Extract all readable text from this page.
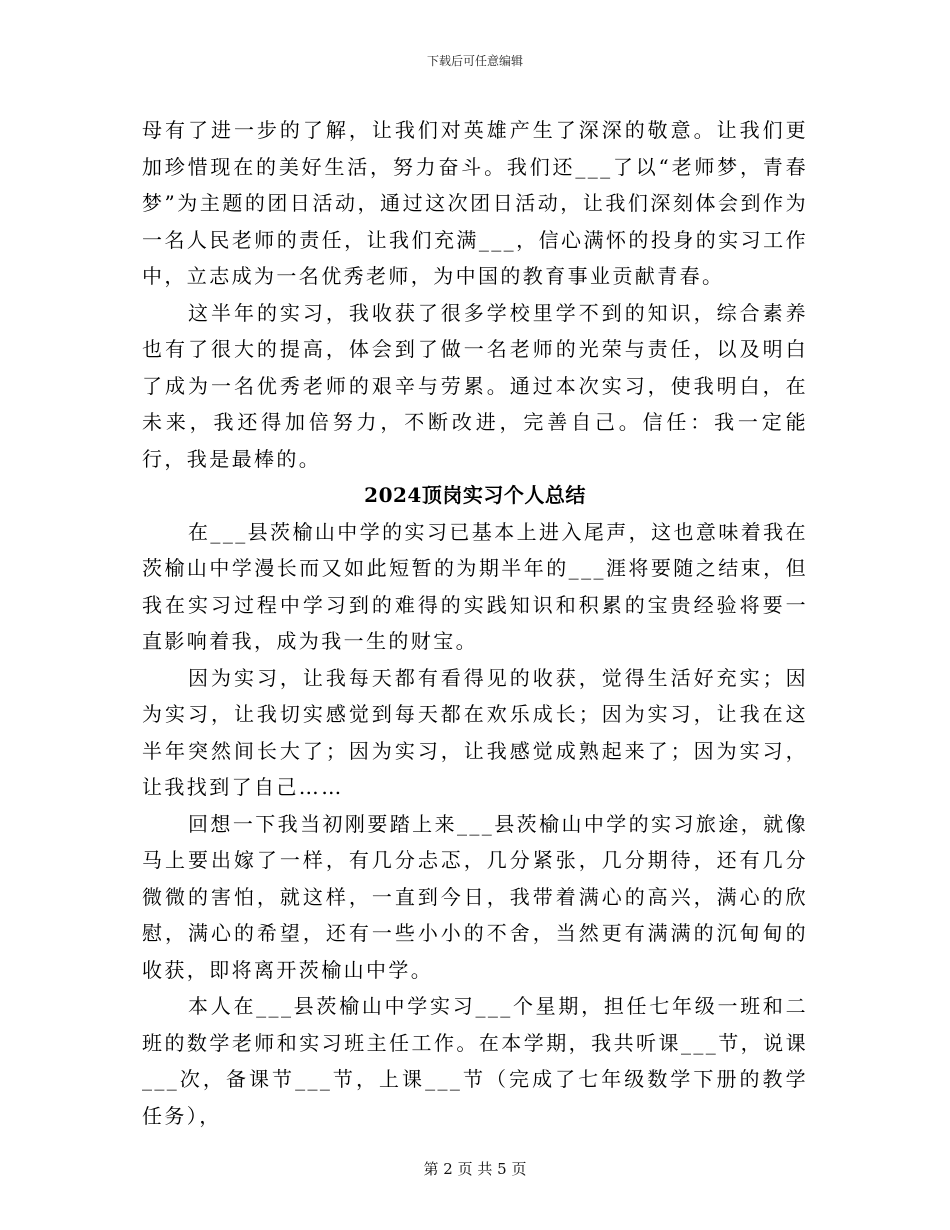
下载后可任意编辑

母有了进一步的了解，让我们对英雄产生了深深的敬意。让我们更加珍惜现在的美好生活，努力奋斗。我们还___了以“老师梦，青春梦”为主题的团日活动，通过这次团日活动，让我们深刻体会到作为一名人民老师的责任，让我们充满___，信心满怀的投身的实习工作中，立志成为一名优秀老师，为中国的教育事业贡献青春。

这半年的实习，我收获了很多学校里学不到的知识，综合素养也有了很大的提高，体会到了做一名老师的光荣与责任，以及明白了成为一名优秀老师的艰辛与劳累。通过本次实习，使我明白，在未来，我还得加倍努力，不断改进，完善自己。信任：我一定能行，我是最棒的。

2024顶岗实习个人总结

在___县茨榆山中学的实习已基本上进入尾声，这也意味着我在茨榆山中学漫长而又如此短暂的为期半年的___涯将要随之结束，但我在实习过程中学习到的难得的实践知识和积累的宝贵经验将要一直影响着我，成为我一生的财宝。

因为实习，让我每天都有看得见的收获，觉得生活好充实；因为实习，让我切实感觉到每天都在欢乐成长；因为实习，让我在这半年突然间长大了；因为实习，让我感觉成熟起来了；因为实习，让我找到了自己……

回想一下我当初刚要踏上来___县茨榆山中学的实习旅途，就像马上要出嫁了一样，有几分忐忑，几分紧张，几分期待，还有几分微微的害怕，就这样，一直到今日，我带着满心的高兴，满心的欣慰，满心的希望，还有一些小小的不舍，当然更有满满的沉甸甸的收获，即将离开茨榆山中学。

本人在___县茨榆山中学实习___个星期，担任七年级一班和二班的数学老师和实习班主任工作。在本学期，我共听课___节，说课___次，备课节___节，上课___节（完成了七年级数学下册的教学任务），

第 2 页 共 5 页
